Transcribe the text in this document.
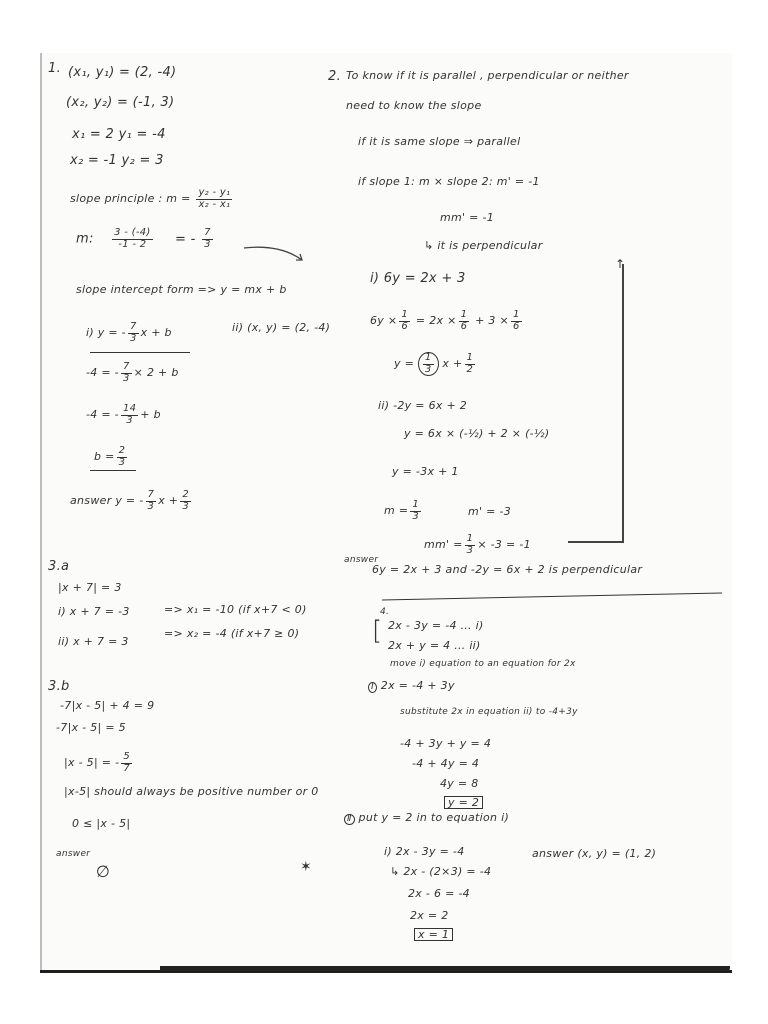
1. (x₁, y₁) = (2, -4)
(x₂, y₂) = (-1, 3)
x₁ = 2 y₁ = -4
x₂ = -1 y₂ = 3
slope principle : $m = \frac{\text{y₂ - y₁}}{\text{x₂ - x₁}}$
m: $\frac{3 - (-4)}{-1 - 2}$ = - $\frac{7}{3}$
slope intercept form => y = mx + b
i) y = - $\frac{7}{3}$ x + b	ii) (x, y) = (2, -4)
-4 = - $\frac{7}{3} \times 2 + b$
-4 = - $\frac{14}{3} + b$
$b = \frac{2}{3}$
answer y = - $\frac{7}{3}$ $x + \frac{2}{3}$
2. To know if it is parallel , perpendicular or neither
need to know the slope
if it is same slope ⇒ parallel
if slope 1: m × slope 2: m' = -1
mm' = -1
↳ it is perpendicular
i) 6y = 2x + 3
$6y \times \frac{1}{6} = 2x \times \frac{1}{6} + 3 \times \frac{1}{6}$
$y = \frac{1}{3}$ $x + \frac{1}{2}$
ii) -2y = 6x + 2
y = 6x × (-½) + 2 × (-½)
y = -3x + 1
$m = \frac{1}{3}$	m' = -3
$mm' = \frac{1}{3} \times -3 = -1$
↑
answer
6y = 2x + 3 and -2y = 6x + 2 is perpendicular
3.a
|x + 7| = 3
i) x + 7 = -3	=> x₁ = -10 (if x+7 < 0)
ii) x + 7 = 3
=> x₂ = -4 (if x+7 ≥ 0)
3.b
-7|x - 5| + 4 = 9
-7|x - 5| = 5
|x - 5| = - $\frac{5}{7}$
|x-5| should always be positive number or 0
0 ≤ |x - 5|
answer
∅	✶
4.
[ 2x - 3y = -4 … i)
2x + y = 4 … ii)
move i) equation to an equation for 2x
Ⅰ 2x = -4 + 3y
substitute 2x in equation ii) to -4+3y
-4 + 3y + y = 4
-4 + 4y = 4
4y = 8
y = 2
Ⅱ put y = 2 in to equation i)
i) 2x - 3y = -4
↳ 2x - (2×3) = -4
2x - 6 = -4
2x = 2
x = 1
answer (x, y) = (1, 2)
